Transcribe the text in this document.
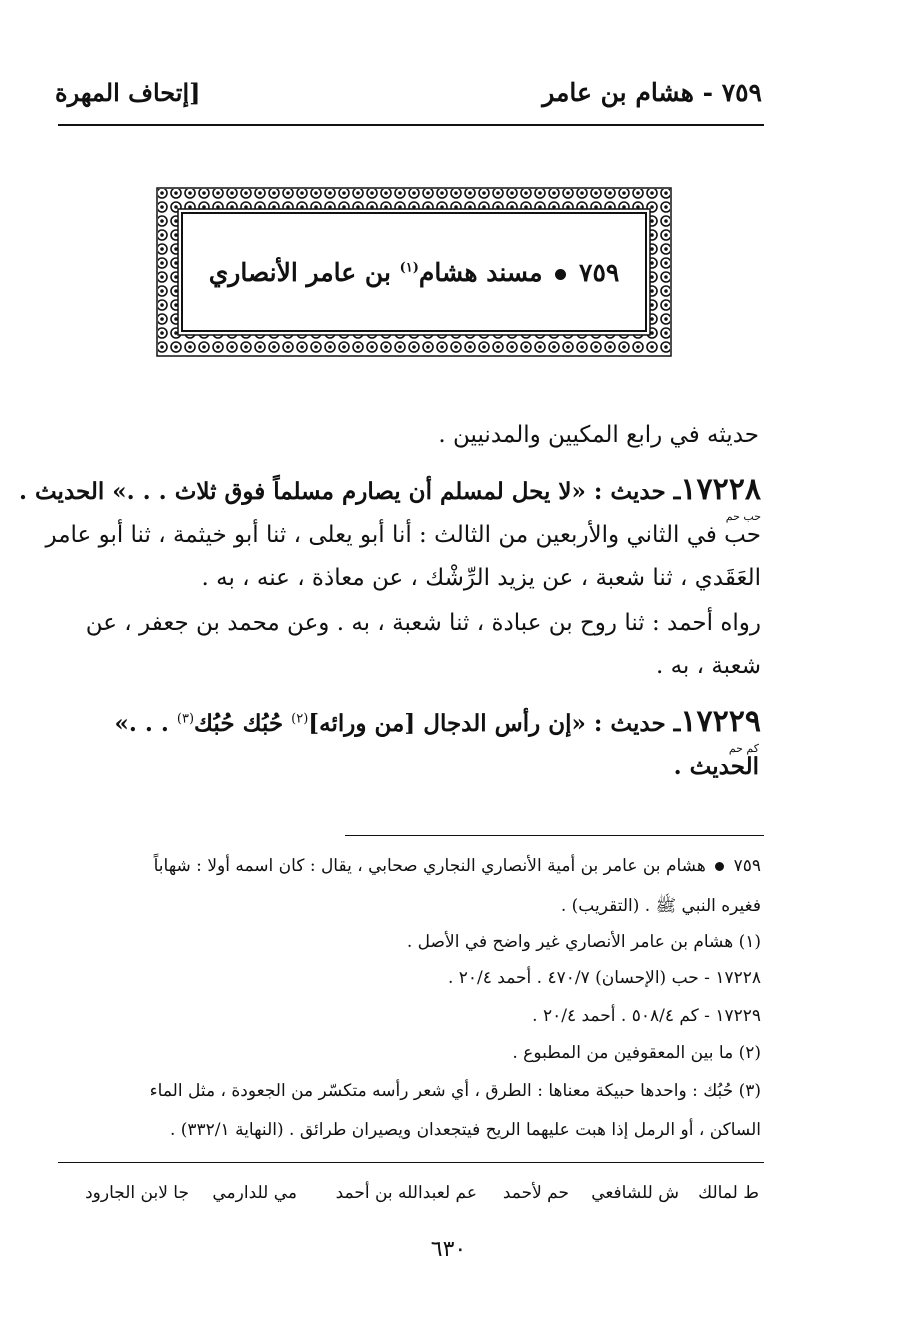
٧٥٩ - هشام بن عامر
[إتحاف المهرة
٧٥٩  مسند هشام$^{(١)}$ بن عامر الأنصاري
حديثه في رابع المكيين والمدنيين .
١٧٢٢٨ـ حديث : «لا يحل لمسلم أن يصارم مسلماً فوق ثلاث . . .» الحديث .
حب حم
حب في الثاني والأربعين من الثالث : أنا أبو يعلى ، ثنا أبو خيثمة ، ثنا أبو عامر
العَقَدي ، ثنا شعبة ، عن يزيد الرِّشْك ، عن معاذة ، عنه ، به .
رواه أحمد : ثنا روح بن عبادة ، ثنا شعبة ، به . وعن محمد بن جعفر ، عن
شعبة ، به .
١٧٢٢٩ـ حديث : «إن رأس الدجال [من ورائه]$^{(٢)}$ حُبُك حُبُك$^{(٣)}$ . . .»
كم حم
الحديث .
٧٥٩  هشام بن عامر بن أمية الأنصاري النجاري صحابي ، يقال : كان اسمه أولا : شهاباً
فغيره النبي ﷺ . (التقريب) .
(١) هشام بن عامر الأنصاري غير واضح في الأصل .
١٧٢٢٨ - حب (الإحسان) ٤٧٠/٧ . أحمد ٢٠/٤ .
١٧٢٢٩ - كم ٥٠٨/٤ . أحمد ٢٠/٤ .
(٢) ما بين المعقوفين من المطبوع .
(٣) حُبُك : واحدها حبيكة معناها : الطرق ، أي شعر رأسه متكسّر من الجعودة ، مثل الماء
الساكن ، أو الرمل إذا هبت عليهما الريح فيتجعدان ويصيران طرائق . (النهاية ٣٣٢/١) .
ط لمالك
ش للشافعي
حم لأحمد
عم لعبدالله بن أحمد
مي للدارمي
جا لابن الجارود
٦٣٠
